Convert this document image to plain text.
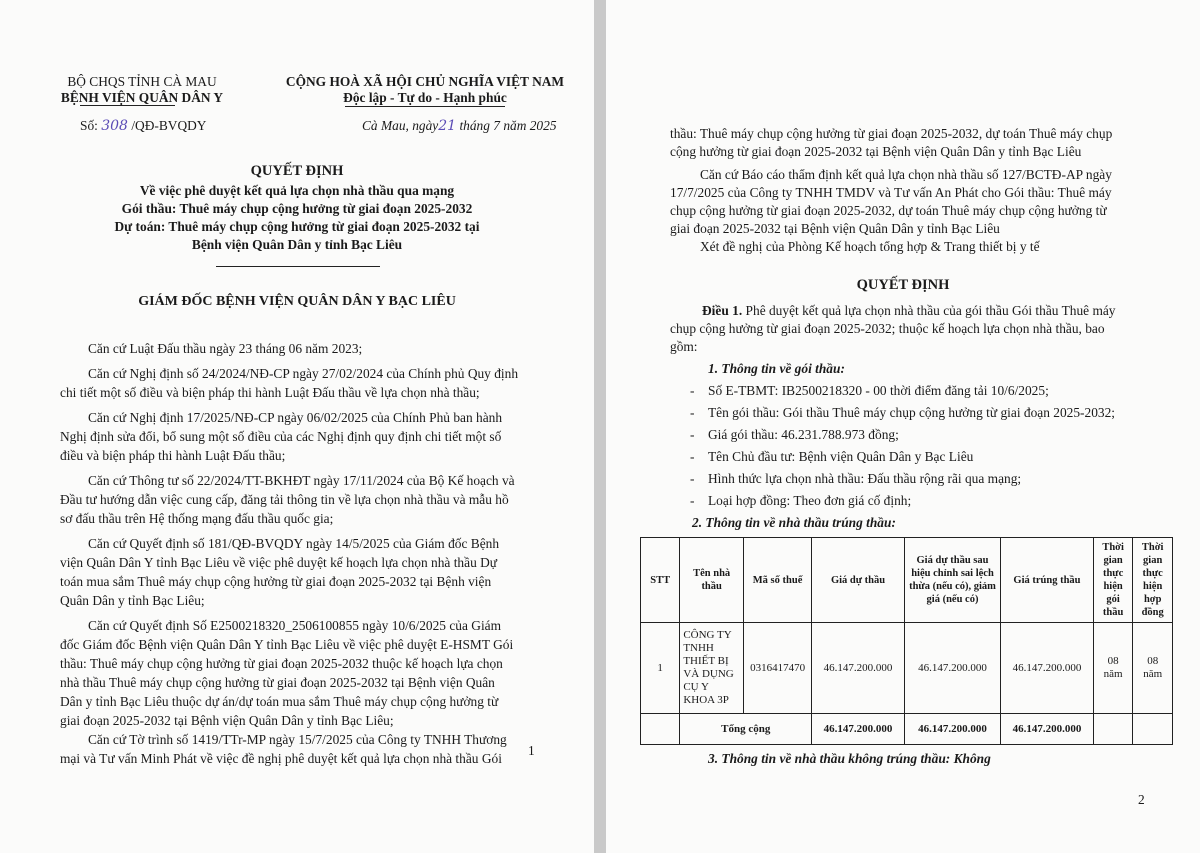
BỘ CHQS TỈNH CÀ MAU
BỆNH VIỆN QUÂN DÂN Y
CỘNG HOÀ XÃ HỘI CHỦ NGHĨA VIỆT NAM
Độc lập - Tự do - Hạnh phúc
Số: 308 /QĐ-BVQDY	Cà Mau, ngày21 tháng 7 năm 2025
QUYẾT ĐỊNH
Về việc phê duyệt kết quả lựa chọn nhà thầu qua mạng
Gói thầu: Thuê máy chụp cộng hưởng từ giai đoạn 2025-2032
Dự toán: Thuê máy chụp cộng hưởng từ giai đoạn 2025-2032 tại
Bệnh viện Quân Dân y tỉnh Bạc Liêu
GIÁM ĐỐC BỆNH VIỆN QUÂN DÂN Y BẠC LIÊU
Căn cứ Luật Đấu thầu ngày 23 tháng 06 năm 2023;
Căn cứ Nghị định số 24/2024/NĐ-CP ngày 27/02/2024 của Chính phủ Quy định
chi tiết một số điều và biện pháp thi hành Luật Đấu thầu về lựa chọn nhà thầu;
Căn cứ Nghị định 17/2025/NĐ-CP ngày 06/02/2025 của Chính Phủ ban hành
Nghị định sửa đổi, bổ sung một số điều của các Nghị định quy định chi tiết một số
điều và biện pháp thi hành Luật Đấu thầu;
Căn cứ Thông tư số 22/2024/TT-BKHĐT ngày 17/11/2024 của Bộ Kế hoạch và
Đầu tư hướng dẫn việc cung cấp, đăng tải thông tin về lựa chọn nhà thầu và mẫu hồ
sơ đấu thầu trên Hệ thống mạng đấu thầu quốc gia;
Căn cứ Quyết định số 181/QĐ-BVQDY ngày 14/5/2025 của Giám đốc Bệnh
viện Quân Dân Y tỉnh Bạc Liêu về việc phê duyệt kế hoạch lựa chọn nhà thầu Dự
toán mua sắm Thuê máy chụp cộng hưởng từ giai đoạn 2025-2032 tại Bệnh viện
Quân Dân y tỉnh Bạc Liêu;
Căn cứ Quyết định Số E2500218320_2506100855 ngày 10/6/2025 của Giám
đốc Giám đốc Bệnh viện Quân Dân Y tỉnh Bạc Liêu về việc phê duyệt E-HSMT Gói
thầu: Thuê máy chụp cộng hưởng từ giai đoạn 2025-2032 thuộc kế hoạch lựa chọn
nhà thầu Thuê máy chụp cộng hưởng từ giai đoạn 2025-2032 tại Bệnh viện Quân
Dân y tỉnh Bạc Liêu thuộc dự án/dự toán mua sắm Thuê máy chụp cộng hưởng từ
giai đoạn 2025-2032 tại Bệnh viện Quân Dân y tỉnh Bạc Liêu;
Căn cứ Tờ trình số 1419/TTr-MP ngày 15/7/2025 của Công ty TNHH Thương
mại và Tư vấn Minh Phát về việc đề nghị phê duyệt kết quả lựa chọn nhà thầu Gói
1
thầu: Thuê máy chụp cộng hưởng từ giai đoạn 2025-2032, dự toán Thuê máy chụp
cộng hưởng từ giai đoạn 2025-2032 tại Bệnh viện Quân Dân y tỉnh Bạc Liêu
Căn cứ Báo cáo thẩm định kết quả lựa chọn nhà thầu số 127/BCTĐ-AP ngày
17/7/2025 của Công ty TNHH TMDV và Tư vấn An Phát cho Gói thầu: Thuê máy
chụp cộng hưởng từ giai đoạn 2025-2032, dự toán Thuê máy chụp cộng hưởng từ
giai đoạn 2025-2032 tại Bệnh viện Quân Dân y tỉnh Bạc Liêu
Xét đề nghị của Phòng Kế hoạch tổng hợp & Trang thiết bị y tế
QUYẾT ĐỊNH
Điều 1. Phê duyệt kết quả lựa chọn nhà thầu của gói thầu Gói thầu Thuê máy
chụp cộng hưởng từ giai đoạn 2025-2032; thuộc kế hoạch lựa chọn nhà thầu, bao
gồm:
1. Thông tin về gói thầu:
- Số E-TBMT: IB2500218320 - 00 thời điểm đăng tải 10/6/2025;
- Tên gói thầu: Gói thầu Thuê máy chụp cộng hưởng từ giai đoạn 2025-2032;
- Giá gói thầu: 46.231.788.973 đồng;
- Tên Chủ đầu tư: Bệnh viện Quân Dân y Bạc Liêu
- Hình thức lựa chọn nhà thầu: Đấu thầu rộng rãi qua mạng;
- Loại hợp đồng: Theo đơn giá cố định;
2. Thông tin về nhà thầu trúng thầu:
STT	Tên nhà thầu	Mã số thuế	Giá dự thầu	Giá dự thầu sau hiệu chỉnh sai lệch thừa (nếu có), giảm giá (nếu có)	Giá trúng thầu	Thời gian thực hiện gói thầu	Thời gian thực hiện hợp đồng
1	CÔNG TY TNHH THIẾT BỊ VÀ DỤNG CỤ Y KHOA 3P	0316417470	46.147.200.000	46.147.200.000	46.147.200.000	08 năm	08 năm
	Tổng cộng		46.147.200.000	46.147.200.000	46.147.200.000		
3. Thông tin về nhà thầu không trúng thầu: Không
2
